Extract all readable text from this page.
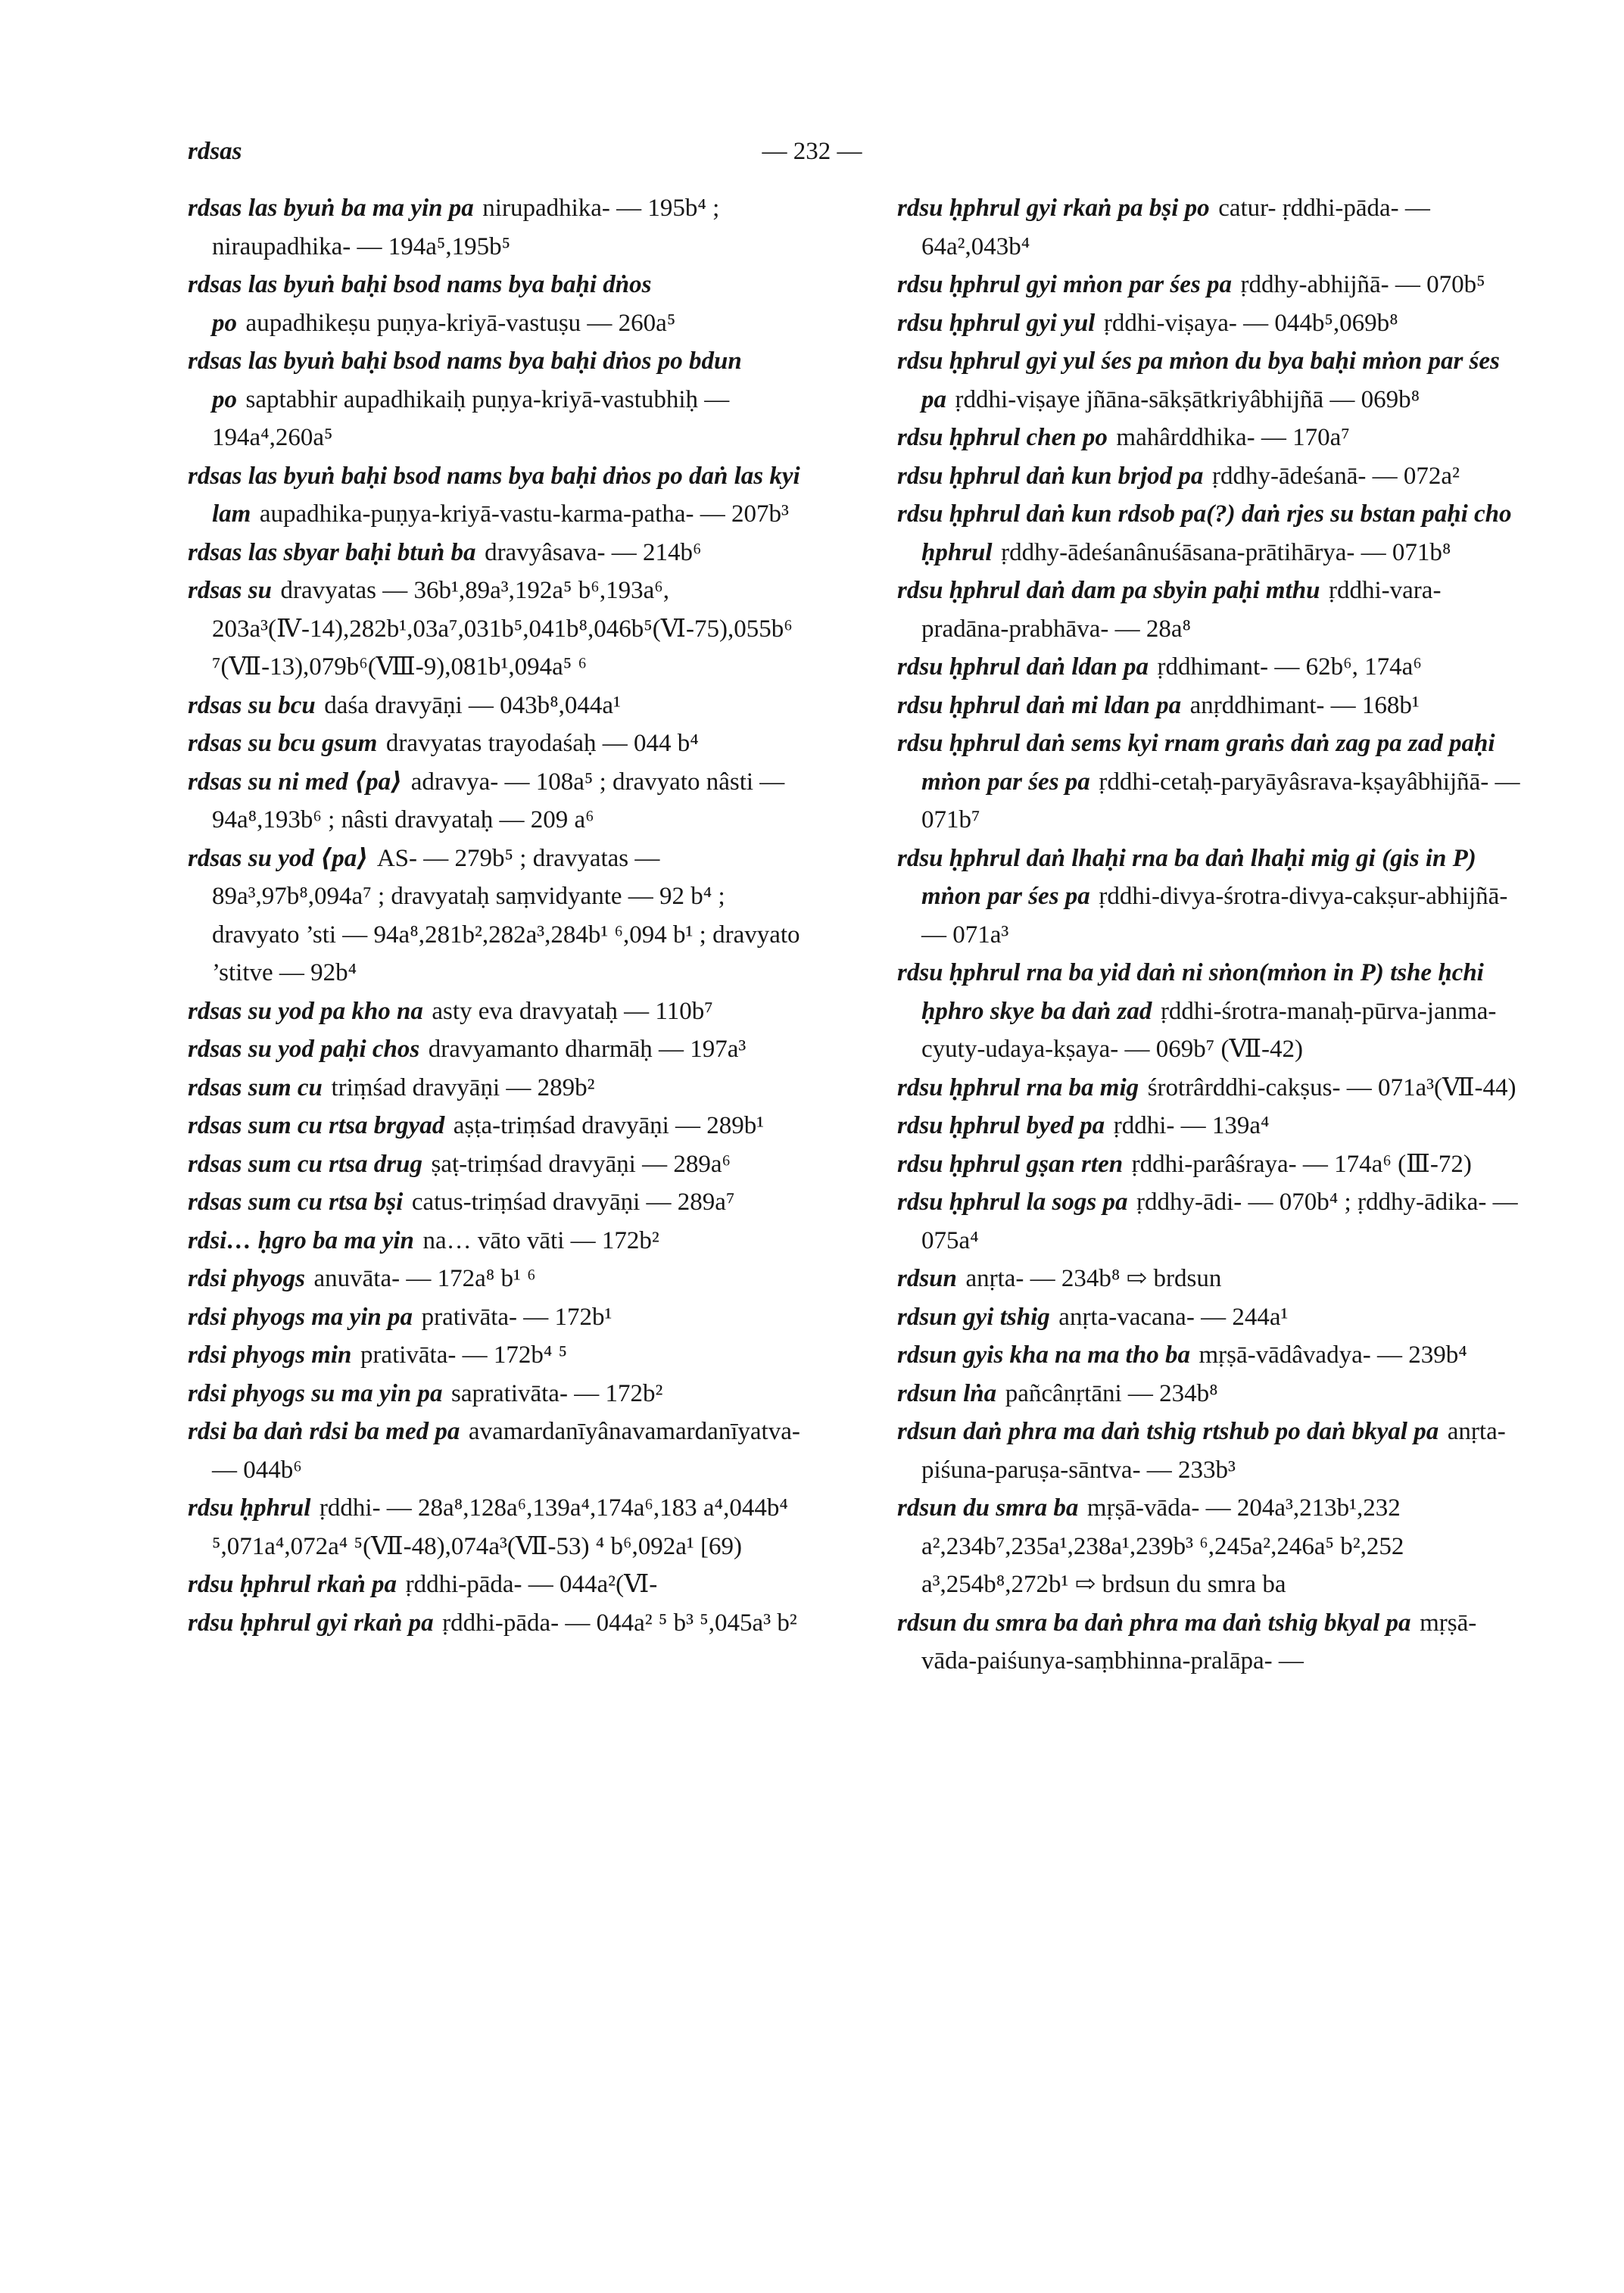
rdsas	— 232 —
rdsas las byuṅ ba ma yin pa nirupadhika- — 195b⁴ ; niraupadhika- — 194a⁵,195b⁵
rdsas las byuṅ baḥi bsod nams bya baḥi dṅos po aupadhikeṣu puṇya-kriyā-vastuṣu — 260a⁵
rdsas las byuṅ baḥi bsod nams bya baḥi dṅos po bdun po saptabhir aupadhikaiḥ puṇya-kriyā-vastubhiḥ — 194a⁴,260a⁵
rdsas las byuṅ baḥi bsod nams bya baḥi dṅos po daṅ las kyi lam aupadhika-puṇya-kriyā-vastu-karma-patha- — 207b³
rdsas las sbyar baḥi btuṅ ba dravyâsava- — 214b⁶
rdsas su dravyatas — 36b¹,89a³,192a⁵ b⁶,193a⁶, 203a³(Ⅳ-14),282b¹,03a⁷,031b⁵,041b⁸,046b⁵(Ⅵ-75),055b⁶ ⁷(Ⅶ-13),079b⁶(Ⅷ-9),081b¹,094a⁵ ⁶
rdsas su bcu daśa dravyāṇi — 043b⁸,044a¹
rdsas su bcu gsum dravyatas trayodaśaḥ — 044 b⁴
rdsas su ni med ⟨pa⟩ adravya- — 108a⁵ ; dravyato nâsti — 94a⁸,193b⁶ ; nâsti dravyataḥ — 209 a⁶
rdsas su yod ⟨pa⟩ AS- — 279b⁵ ; dravyatas — 89a³,97b⁸,094a⁷ ; dravyataḥ saṃvidyante — 92 b⁴ ; dravyato ’sti — 94a⁸,281b²,282a³,284b¹ ⁶,094 b¹ ; dravyato ’stitve — 92b⁴
rdsas su yod pa kho na asty eva dravyataḥ — 110b⁷
rdsas su yod paḥi chos dravyamanto dharmāḥ — 197a³
rdsas sum cu triṃśad dravyāṇi — 289b²
rdsas sum cu rtsa brgyad aṣṭa-triṃśad dravyāṇi — 289b¹
rdsas sum cu rtsa drug ṣaṭ-triṃśad dravyāṇi — 289a⁶
rdsas sum cu rtsa bṣi catus-triṃśad dravyāṇi — 289a⁷
rdsi… ḥgro ba ma yin na… vāto vāti — 172b²
rdsi phyogs anuvāta- — 172a⁸ b¹ ⁶
rdsi phyogs ma yin pa prativāta- — 172b¹
rdsi phyogs min prativāta- — 172b⁴ ⁵
rdsi phyogs su ma yin pa saprativāta- — 172b²
rdsi ba daṅ rdsi ba med pa avamardanīyânavamardanīyatva- — 044b⁶
rdsu ḥphrul ṛddhi- — 28a⁸,128a⁶,139a⁴,174a⁶,183 a⁴,044b⁴ ⁵,071a⁴,072a⁴ ⁵(Ⅶ-48),074a³(Ⅶ-53) ⁴ b⁶,092a¹ [69)
rdsu ḥphrul rkaṅ pa ṛddhi-pāda- — 044a²(Ⅵ-
rdsu ḥphrul gyi rkaṅ pa ṛddhi-pāda- — 044a² ⁵ b³ ⁵,045a³ b²
rdsu ḥphrul gyi rkaṅ pa bṣi po catur- ṛddhi-pāda- — 64a²,043b⁴
rdsu ḥphrul gyi mṅon par śes pa ṛddhy-abhijñā- — 070b⁵
rdsu ḥphrul gyi yul ṛddhi-viṣaya- — 044b⁵,069b⁸
rdsu ḥphrul gyi yul śes pa mṅon du bya baḥi mṅon par śes pa ṛddhi-viṣaye jñāna-sākṣātkriyâbhijñā — 069b⁸
rdsu ḥphrul chen po mahârddhika- — 170a⁷
rdsu ḥphrul daṅ kun brjod pa ṛddhy-ādeśanā- — 072a²
rdsu ḥphrul daṅ kun rdsob pa(?) daṅ rjes su bstan paḥi cho ḥphrul ṛddhy-ādeśanânuśāsana-prātihārya- — 071b⁸
rdsu ḥphrul daṅ dam pa sbyin paḥi mthu ṛddhi-vara-pradāna-prabhāva- — 28a⁸
rdsu ḥphrul daṅ ldan pa ṛddhimant- — 62b⁶, 174a⁶
rdsu ḥphrul daṅ mi ldan pa anṛddhimant- — 168b¹
rdsu ḥphrul daṅ sems kyi rnam graṅs daṅ zag pa zad paḥi mṅon par śes pa ṛddhi-cetaḥ-paryāyâsrava-kṣayâbhijñā- — 071b⁷
rdsu ḥphrul daṅ lhaḥi rna ba daṅ lhaḥi mig gi (gis in P) mṅon par śes pa ṛddhi-divya-śrotra-divya-cakṣur-abhijñā- — 071a³
rdsu ḥphrul rna ba yid daṅ ni sṅon(mṅon in P) tshe ḥchi ḥphro skye ba daṅ zad ṛddhi-śrotra-manaḥ-pūrva-janma-cyuty-udaya-kṣaya- — 069b⁷ (Ⅶ-42)
rdsu ḥphrul rna ba mig śrotrârddhi-cakṣus- — 071a³(Ⅶ-44)
rdsu ḥphrul byed pa ṛddhi- — 139a⁴
rdsu ḥphrul gṣan rten ṛddhi-parâśraya- — 174a⁶ (Ⅲ-72)
rdsu ḥphrul la sogs pa ṛddhy-ādi- — 070b⁴ ; ṛddhy-ādika- — 075a⁴
rdsun anṛta- — 234b⁸ ⇨ brdsun
rdsun gyi tshig anṛta-vacana- — 244a¹
rdsun gyis kha na ma tho ba mṛṣā-vādâvadya- — 239b⁴
rdsun lṅa pañcânṛtāni — 234b⁸
rdsun daṅ phra ma daṅ tshig rtshub po daṅ bkyal pa anṛta-piśuna-paruṣa-sāntva- — 233b³
rdsun du smra ba mṛṣā-vāda- — 204a³,213b¹,232 a²,234b⁷,235a¹,238a¹,239b³ ⁶,245a²,246a⁵ b²,252 a³,254b⁸,272b¹ ⇨ brdsun du smra ba
rdsun du smra ba daṅ phra ma daṅ tshig bkyal pa mṛṣā-vāda-paiśunya-saṃbhinna-pralāpa- —
